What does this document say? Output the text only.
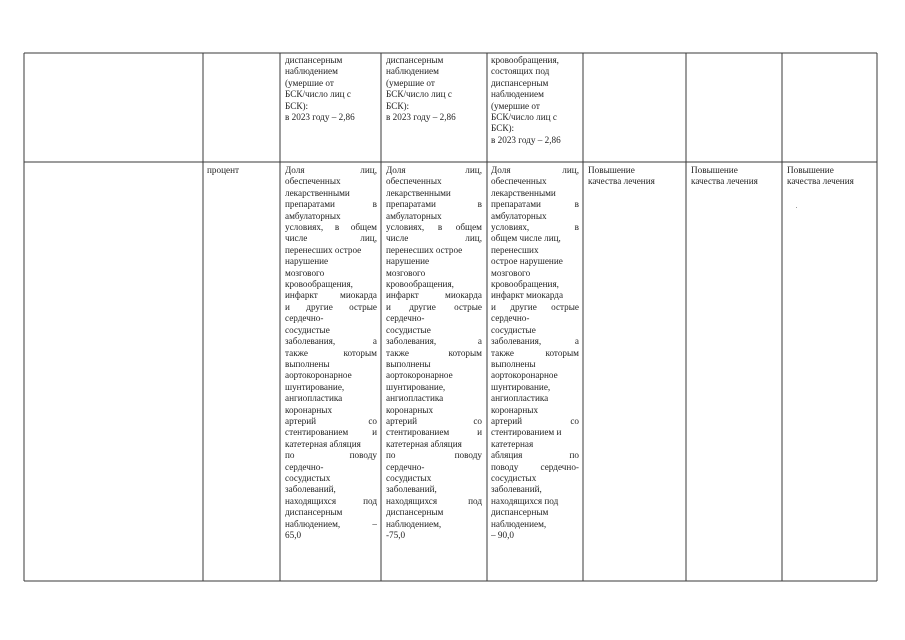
диспансерным
наблюдением
(умершие от
БСК/число лиц с
БСК):
в 2023 году – 2,86
диспансерным
наблюдением
(умершие от
БСК/число лиц с
БСК):
в 2023 году – 2,86
кровообращения,
состоящих под
диспансерным
наблюдением
(умершие от
БСК/число лиц с
БСК):
в 2023 году – 2,86
процент	Доля лиц,
обеспеченных
лекарственными
препаратами в
амбулаторных
условиях, в общем
числе лиц,
перенесших острое
нарушение
мозгового
кровообращения,
инфаркт миокарда
и другие острые
сердечно-
сосудистые
заболевания, а
также которым
выполнены
аортокоронарное
шунтирование,
ангиопластика
коронарных
артерий со
стентированием и
катетерная абляция
по поводу
сердечно-
сосудистых
заболеваний,
находящихся под
диспансерным
наблюдением, –
65,0
Доля лиц,
обеспеченных
лекарственными
препаратами в
амбулаторных
условиях, в общем
числе лиц,
перенесших острое
нарушение
мозгового
кровообращения,
инфаркт миокарда
и другие острые
сердечно-
сосудистые
заболевания, а
также которым
выполнены
аортокоронарное
шунтирование,
ангиопластика
коронарных
артерий со
стентированием и
катетерная абляция
по поводу
сердечно-
сосудистых
заболеваний,
находящихся под
диспансерным
наблюдением,
-75,0
Доля лиц,
обеспеченных
лекарственными
препаратами в
амбулаторных
условиях, в
общем числе лиц,
перенесших
острое нарушение
мозгового
кровообращения,
инфаркт миокарда
и другие острые
сердечно-
сосудистые
заболевания, а
также которым
выполнены
аортокоронарное
шунтирование,
ангиопластика
коронарных
артерий со
стентированием и
катетерная
абляция по
поводу сердечно-
сосудистых
заболеваний,
находящихся под
диспансерным
наблюдением,
– 90,0
Повышение
качества лечения
Повышение
качества лечения
Повышение
качества лечения
